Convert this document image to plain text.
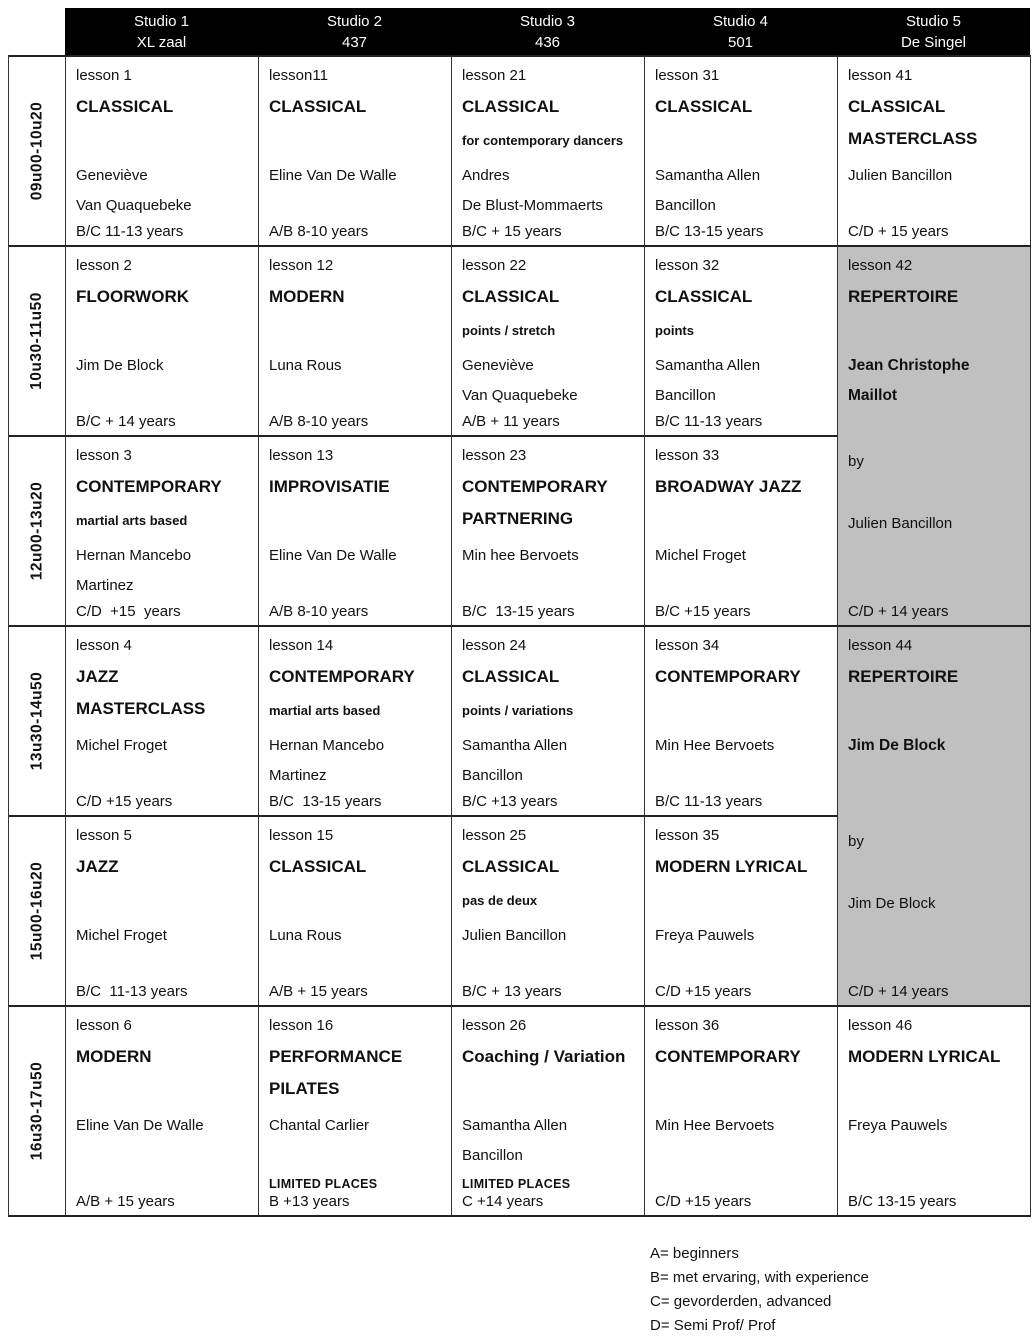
Studio 1
XL zaal
Studio 2
437
Studio 3
436
Studio 4
501
Studio 5
De Singel
09u00-10u20
10u30-11u50
12u00-13u20
13u30-14u50
15u00-16u20
16u30-17u50
lesson 1
CLASSICAL
Geneviève
Van Quaquebeke
B/C 11-13 years
lesson11
CLASSICAL
Eline Van De Walle
A/B 8-10 years
lesson 21
CLASSICAL
for contemporary dancers
Andres
De Blust-Mommaerts
B/C + 15 years
lesson 31
CLASSICAL
Samantha Allen
Bancillon
B/C 13-15 years
lesson 41
CLASSICAL
MASTERCLASS
Julien Bancillon
C/D + 15 years
lesson 2
FLOORWORK
Jim De Block
B/C + 14 years
lesson 12
MODERN
Luna Rous
A/B 8-10 years
lesson 22
CLASSICAL
points / stretch
Geneviève
Van Quaquebeke
A/B + 11 years
lesson 32
CLASSICAL
points
Samantha Allen
Bancillon
B/C 11-13 years
lesson 42
REPERTOIRE
Jean Christophe
Maillot
by
Julien Bancillon
C/D + 14 years
lesson 3
CONTEMPORARY
martial arts based
Hernan Mancebo
Martinez
C/D  +15  years
lesson 13
IMPROVISATIE
Eline Van De Walle
A/B 8-10 years
lesson 23
CONTEMPORARY
PARTNERING
Min hee Bervoets
B/C  13-15 years
lesson 33
BROADWAY JAZZ
Michel Froget
B/C +15 years
lesson 4
JAZZ
MASTERCLASS
Michel Froget
C/D +15 years
lesson 14
CONTEMPORARY
martial arts based
Hernan Mancebo
Martinez
B/C  13-15 years
lesson 24
CLASSICAL
points / variations
Samantha Allen
Bancillon
B/C +13 years
lesson 34
CONTEMPORARY
Min Hee Bervoets
B/C 11-13 years
lesson 44
REPERTOIRE
Jim De Block
by
Jim De Block
C/D + 14 years
lesson 5
JAZZ
Michel Froget
B/C  11-13 years
lesson 15
CLASSICAL
Luna Rous
A/B + 15 years
lesson 25
CLASSICAL
pas de deux
Julien Bancillon
B/C + 13 years
lesson 35
MODERN LYRICAL
Freya Pauwels
C/D +15 years
lesson 6
MODERN
Eline Van De Walle
A/B + 15 years
lesson 16
PERFORMANCE
PILATES
Chantal Carlier
LIMITED PLACES
B +13 years
lesson 26
Coaching / Variation
Samantha Allen
Bancillon
LIMITED PLACES
C +14 years
lesson 36
CONTEMPORARY
Min Hee Bervoets
C/D +15 years
lesson 46
MODERN LYRICAL
Freya Pauwels
B/C 13-15 years
A= beginners
B= met ervaring, with experience
C= gevorderden, advanced
D= Semi Prof/ Prof
